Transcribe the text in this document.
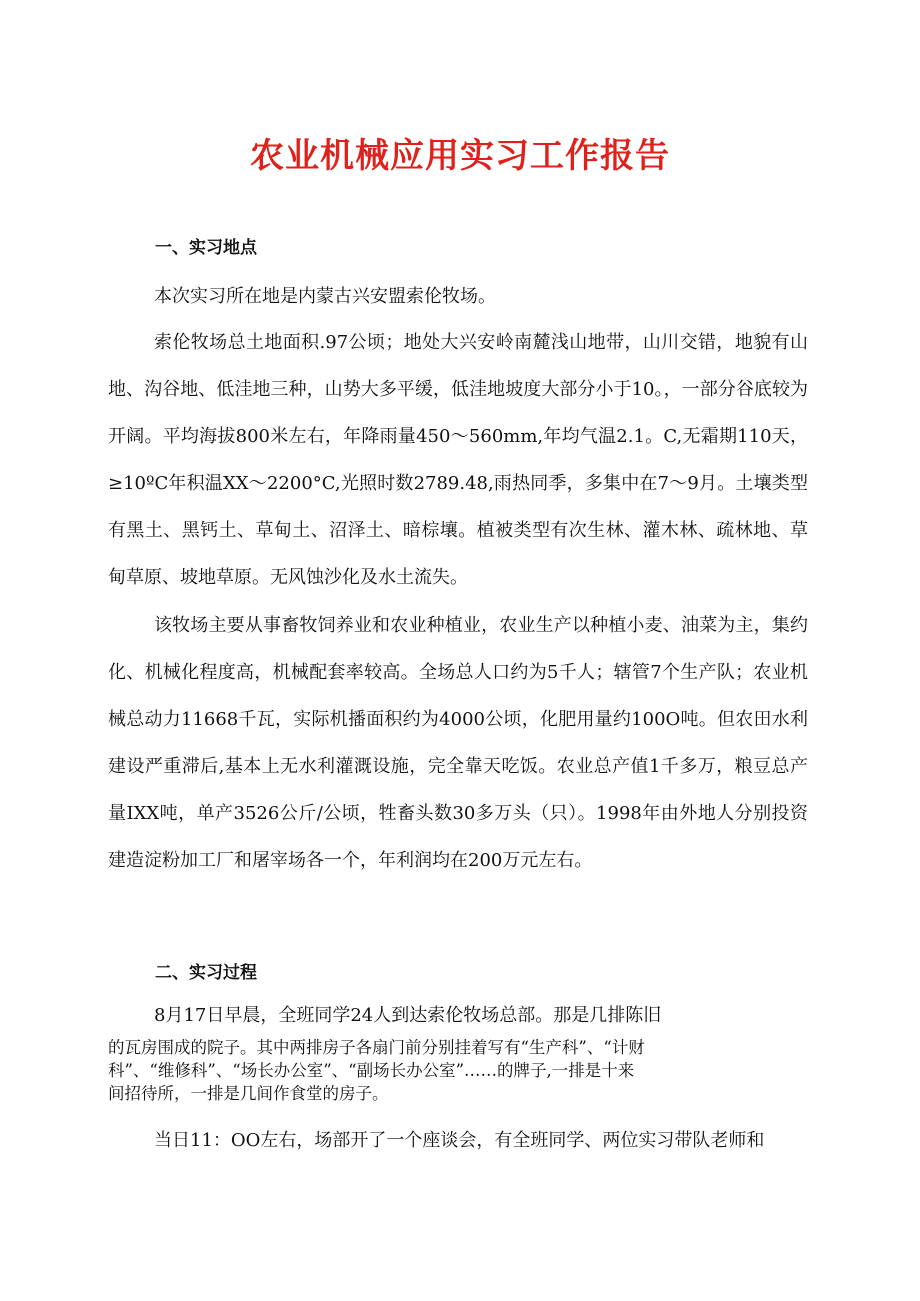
农业机械应用实习工作报告
一、实习地点

本次实习所在地是内蒙古兴安盟索伦牧场。

索伦牧场总土地面积.97公顷；地处大兴安岭南麓浅山地带，山川交错，地貌有山地、沟谷地、低洼地三种，山势大多平缓，低洼地坡度大部分小于10。，一部分谷底较为开阔。平均海拔800米左右，年降雨量450～560mm,年均气温2.1。C,无霜期110天，≥10ºC年积温XX～2200°C,光照时数2789.48,雨热同季，多集中在7～9月。土壤类型有黑土、黑钙土、草甸土、沼泽土、暗棕壤。植被类型有次生林、灌木林、疏林地、草甸草原、坡地草原。无风蚀沙化及水土流失。

该牧场主要从事畜牧饲养业和农业种植业，农业生产以种植小麦、油菜为主，集约化、机械化程度高，机械配套率较高。全场总人口约为5千人；辖管7个生产队；农业机械总动力11668千瓦，实际机播面积约为4000公顷，化肥用量约100O吨。但农田水利建设严重滞后,基本上无水利灌溉设施，完全靠天吃饭。农业总产值1千多万，粮豆总产量IXX吨，单产3526公斤/公顷，牲畜头数30多万头（只）。1998年由外地人分别投资建造淀粉加工厂和屠宰场各一个，年利润均在200万元左右。

二、实习过程
8月17日早晨，全班同学24人到达索伦牧场总部。那是几排陈旧
的瓦房围成的院子。其中两排房子各扇门前分别挂着写有“生产科”、“计财
科”、“维修科”、“场长办公室”、“副场长办公室”……的牌子,一排是十来
间招待所，一排是几间作食堂的房子。

当日11：OO左右，场部开了一个座谈会，有全班同学、两位实习带队老师和
